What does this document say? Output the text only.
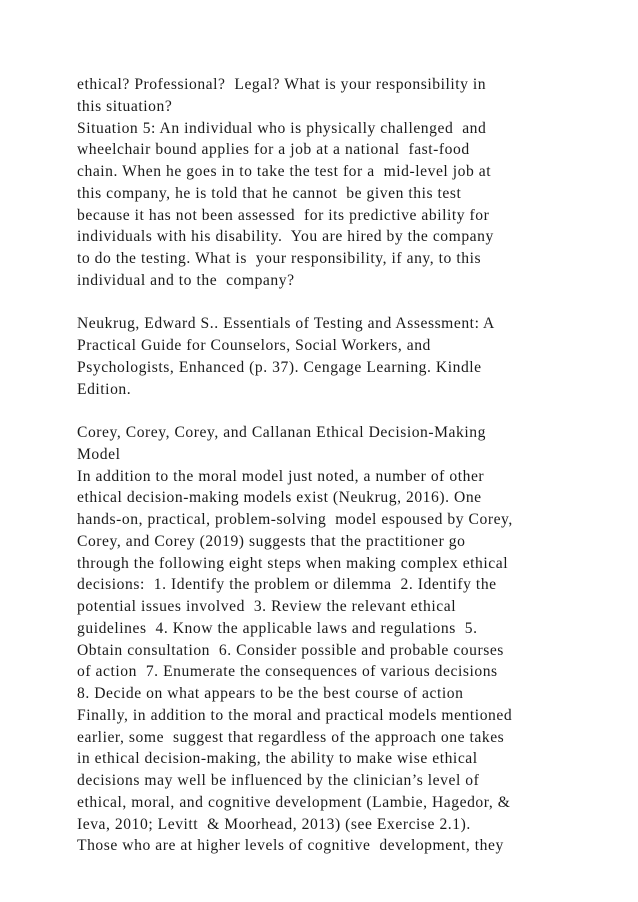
ethical? Professional?  Legal? What is your responsibility in
this situation?
Situation 5: An individual who is physically challenged  and
wheelchair bound applies for a job at a national  fast-food
chain. When he goes in to take the test for a  mid-level job at
this company, he is told that he cannot  be given this test
because it has not been assessed  for its predictive ability for
individuals with his disability.  You are hired by the company
to do the testing. What is  your responsibility, if any, to this
individual and to the  company?
Neukrug, Edward S.. Essentials of Testing and Assessment: A
Practical Guide for Counselors, Social Workers, and
Psychologists, Enhanced (p. 37). Cengage Learning. Kindle
Edition.
Corey, Corey, Corey, and Callanan Ethical Decision-Making
Model
In addition to the moral model just noted, a number of other
ethical decision-making models exist (Neukrug, 2016). One
hands-on, practical, problem-solving  model espoused by Corey,
Corey, and Corey (2019) suggests that the practitioner go
through the following eight steps when making complex ethical
decisions:  1. Identify the problem or dilemma  2. Identify the
potential issues involved  3. Review the relevant ethical
guidelines  4. Know the applicable laws and regulations  5.
Obtain consultation  6. Consider possible and probable courses
of action  7. Enumerate the consequences of various decisions
8. Decide on what appears to be the best course of action
Finally, in addition to the moral and practical models mentioned
earlier, some  suggest that regardless of the approach one takes
in ethical decision-making, the ability to make wise ethical
decisions may well be influenced by the clinician’s level of
ethical, moral, and cognitive development (Lambie, Hagedor, &
Ieva, 2010; Levitt  & Moorhead, 2013) (see Exercise 2.1).
Those who are at higher levels of cognitive  development, they
